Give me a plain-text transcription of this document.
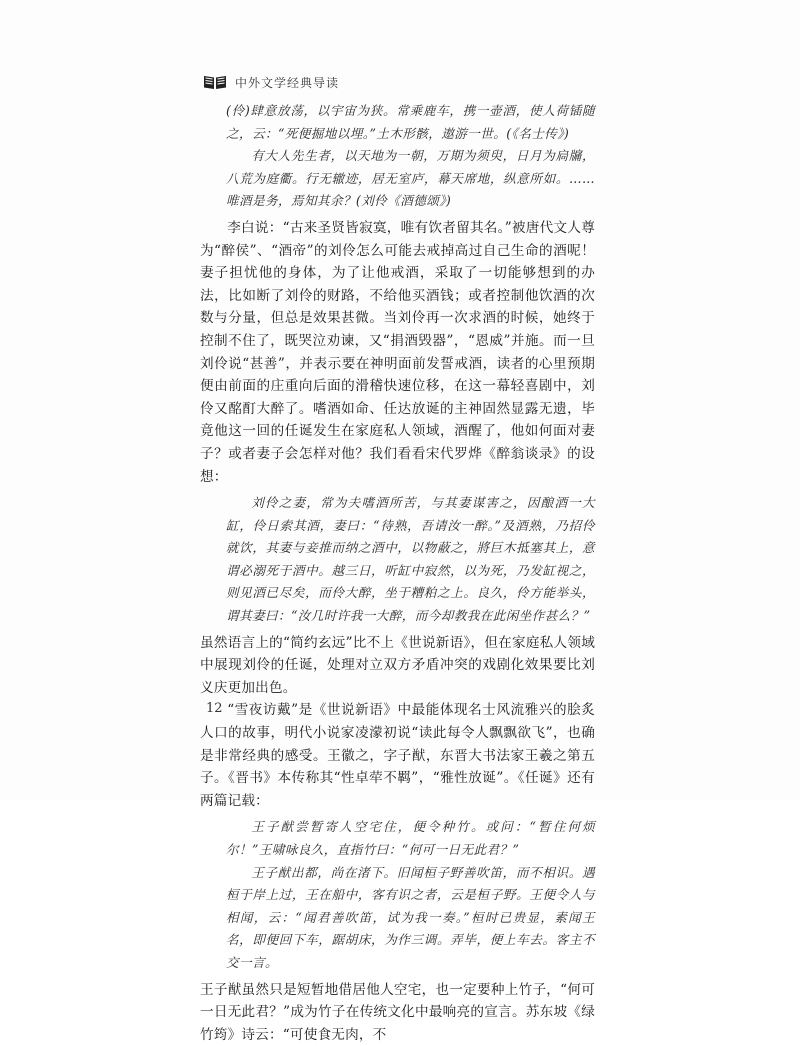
中外文学经典导读

(伶)肆意放荡，以宇宙为狭。常乘鹿车，携一壶酒，使人荷锸随之，云：“死便掘地以埋。”土木形骸，遨游一世。(《名士传》)

有大人先生者，以天地为一朝，万期为须臾，日月为扃牖，八荒为庭衢。行无辙迹，居无室庐，幕天席地，纵意所如。……唯酒是务，焉知其余？(刘伶《酒德颂》)

李白说：“古来圣贤皆寂寞，唯有饮者留其名。”被唐代文人尊为“醉侯”、“酒帝”的刘伶怎么可能去戒掉高过自己生命的酒呢！妻子担忧他的身体，为了让他戒酒，采取了一切能够想到的办法，比如断了刘伶的财路，不给他买酒钱；或者控制他饮酒的次数与分量，但总是效果甚微。当刘伶再一次求酒的时候，她终于控制不住了，既哭泣劝谏，又“捐酒毁器”，“恩威”并施。而一旦刘伶说“甚善”，并表示要在神明面前发誓戒酒，读者的心里预期便由前面的庄重向后面的滑稽快速位移，在这一幕轻喜剧中，刘伶又酩酊大醉了。嗜酒如命、任达放诞的主神固然显露无遗，毕竟他这一回的任诞发生在家庭私人领域，酒醒了，他如何面对妻子？或者妻子会怎样对他？我们看看宋代罗烨《醉翁谈录》的设想：

刘伶之妻，常为夫嗜酒所苦，与其妻谋害之，因酿酒一大缸，伶日索其酒，妻曰：“待熟，吾请汝一醉。”及酒熟，乃招伶就饮，其妻与妾推而纳之酒中，以物蔽之，將巨木抵塞其上，意谓必溺死于酒中。越三日，听缸中寂然，以为死，乃发缸视之，则见酒已尽矣，而伶大醉，坐于糟粕之上。良久，伶方能举头，谓其妻曰：“汝几时许我一大醉，而今却教我在此闲坐作甚么？”

虽然语言上的“简约玄远”比不上《世说新语》，但在家庭私人领域中展现刘伶的任诞，处理对立双方矛盾冲突的戏剧化效果要比刘义庆更加出色。

“雪夜访戴”是《世说新语》中最能体现名士风流雅兴的脍炙人口的故事，明代小说家凌濛初说“读此每令人飘飘欲飞”，也确是非常经典的感受。王徽之，字子猷，东晋大书法家王羲之第五子。《晋书》本传称其“性卓荦不羁”，“雅性放诞”。《任诞》还有两篇记载：

王子猷尝暂寄人空宅住，便令种竹。或问：“暂住何烦尔！”王啸咏良久，直指竹曰：“何可一日无此君？”

王子猷出都，尚在渚下。旧闻桓子野善吹笛，而不相识。遇桓于岸上过，王在船中，客有识之者，云是桓子野。王便令人与相闻，云：“闻君善吹笛，试为我一奏。”桓时已贵显，素闻王名，即便回下车，踞胡床，为作三调。弄毕，便上车去。客主不交一言。

王子猷虽然只是短暂地借居他人空宅，也一定要种上竹子，“何可一日无此君？”成为竹子在传统文化中最响亮的宣言。苏东坡《绿竹筠》诗云：“可使食无肉，不

12
